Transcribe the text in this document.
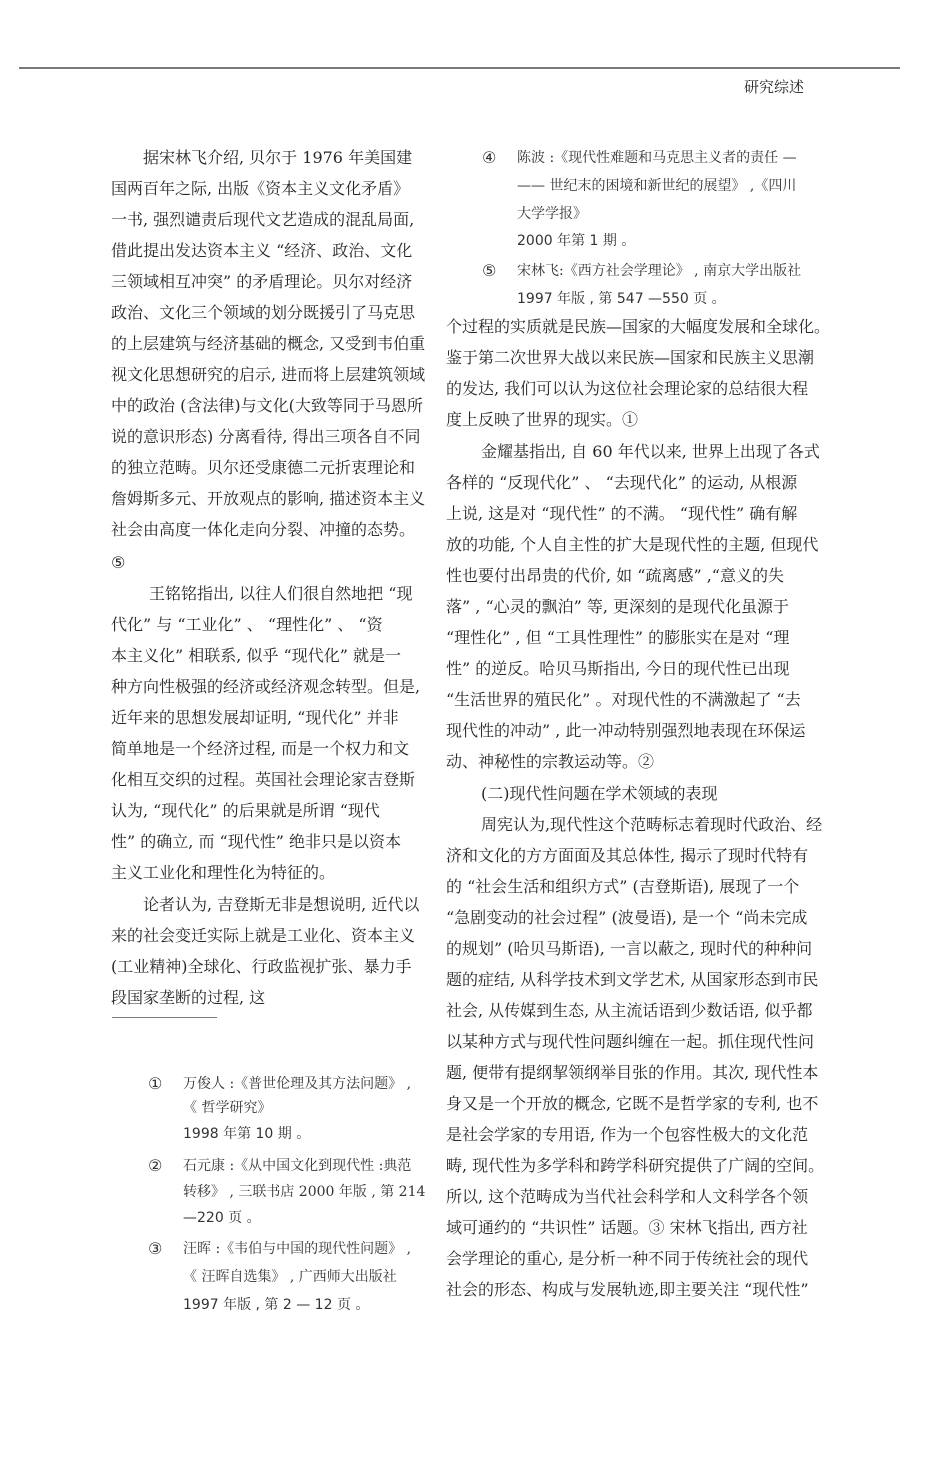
研究综述
据宋林飞介绍, 贝尔于 1976 年美国建
国两百年之际, 出版《资本主义文化矛盾》
一书, 强烈谴责后现代文艺造成的混乱局面,
借此提出发达资本主义 “经济、政治、文化
三领域相互冲突” 的矛盾理论。贝尔对经济
政治、文化三个领域的划分既援引了马克思
的上层建筑与经济基础的概念, 又受到韦伯重
视文化思想研究的启示, 进而将上层建筑领域
中的政治 (含法律)与文化(大致等同于马恩所
说的意识形态) 分离看待, 得出三项各自不同
的独立范畴。贝尔还受康德二元折衷理论和
詹姆斯多元、开放观点的影响, 描述资本主义
社会由高度一体化走向分裂、冲撞的态势。
⑤
王铭铭指出, 以往人们很自然地把 “现
代化” 与 “工业化” 、 “理性化” 、 “资
本主义化” 相联系, 似乎 “现代化” 就是一
种方向性极强的经济或经济观念转型。但是,
近年来的思想发展却证明, “现代化” 并非
简单地是一个经济过程, 而是一个权力和文
化相互交织的过程。英国社会理论家吉登斯
认为, “现代化” 的后果就是所谓 “现代
性” 的确立, 而 “现代性” 绝非只是以资本
主义工业化和理性化为特征的。
论者认为, 吉登斯无非是想说明, 近代以
来的社会变迁实际上就是工业化、资本主义
(工业精神)全球化、行政监视扩张、暴力手
段国家垄断的过程, 这
① 万俊人 :《普世伦理及其方法问题》 ,
《 哲学研究》
1998 年第 10 期 。
② 石元康 :《从中国文化到现代性 :典范
转移》 , 三联书店 2000 年版 , 第 214
—220 页 。
③ 汪晖 :《韦伯与中国的现代性问题》 ,
《 汪晖自选集》 , 广西师大出版社
1997 年版 , 第 2 — 12 页 。
④ 陈波 :《现代性难题和马克思主义者的责任 —
—— 世纪末的困境和新世纪的展望》 ,《四川
大学学报》
2000 年第 1 期 。
⑤ 宋林飞:《西方社会学理论》 , 南京大学出版社
1997 年版 , 第 547 —550 页 。
个过程的实质就是民族—国家的大幅度发展和全球化。
鉴于第二次世界大战以来民族—国家和民族主义思潮
的发达, 我们可以认为这位社会理论家的总结很大程
度上反映了世界的现实。①
金耀基指出, 自 60 年代以来, 世界上出现了各式
各样的 “反现代化” 、 “去现代化” 的运动, 从根源
上说, 这是对 “现代性” 的不满。 “现代性” 确有解
放的功能, 个人自主性的扩大是现代性的主题, 但现代
性也要付出昂贵的代价, 如 “疏离感” ,“意义的失
落” , “心灵的飘泊” 等, 更深刻的是现代化虽源于
“理性化” , 但 “工具性理性” 的膨胀实在是对 “理
性” 的逆反。哈贝马斯指出, 今日的现代性已出现
“生活世界的殖民化” 。对现代性的不满激起了 “去
现代性的冲动” , 此一冲动特别强烈地表现在环保运
动、神秘性的宗教运动等。②
(二)现代性问题在学术领域的表现
周宪认为,现代性这个范畴标志着现时代政治、经
济和文化的方方面面及其总体性, 揭示了现时代特有
的 “社会生活和组织方式” (吉登斯语), 展现了一个
“急剧变动的社会过程” (波曼语), 是一个 “尚未完成
的规划” (哈贝马斯语), 一言以蔽之, 现时代的种种问
题的症结, 从科学技术到文学艺术, 从国家形态到市民
社会, 从传媒到生态, 从主流话语到少数话语, 似乎都
以某种方式与现代性问题纠缠在一起。抓住现代性问
题, 便带有提纲挈领纲举目张的作用。其次, 现代性本
身又是一个开放的概念, 它既不是哲学家的专利, 也不
是社会学家的专用语, 作为一个包容性极大的文化范
畴, 现代性为多学科和跨学科研究提供了广阔的空间。
所以, 这个范畴成为当代社会科学和人文科学各个领
域可通约的 “共识性” 话题。③ 宋林飞指出, 西方社
会学理论的重心, 是分析一种不同于传统社会的现代
社会的形态、构成与发展轨迹,即主要关注 “现代性”
